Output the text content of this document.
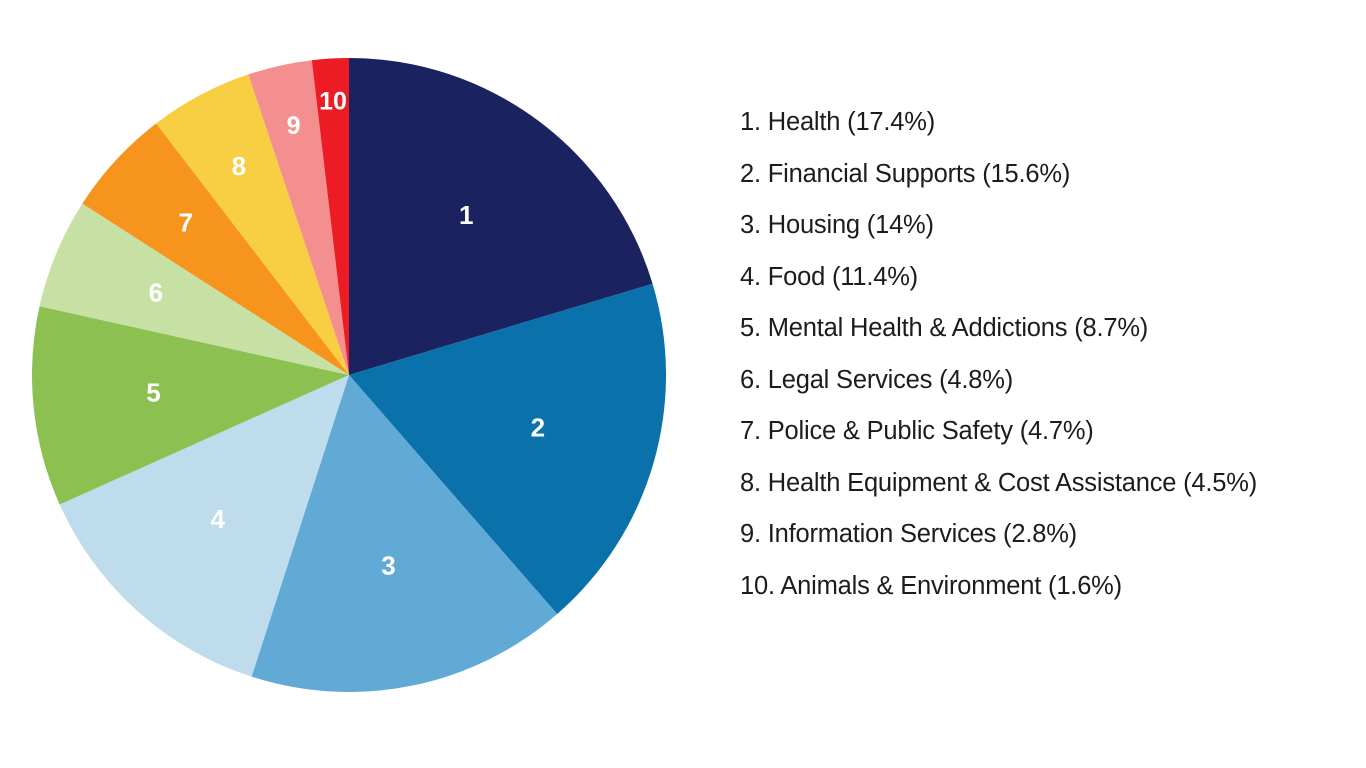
1
2
3
4
5
6
7
8
9
10
1. Health (17.4%)
2. Financial Supports (15.6%)
3. Housing (14%)
4. Food (11.4%)
5. Mental Health & Addictions (8.7%)
6. Legal Services (4.8%)
7. Police & Public Safety (4.7%)
8. Health Equipment & Cost Assistance (4.5%)
9. Information Services (2.8%)
10. Animals & Environment (1.6%)
